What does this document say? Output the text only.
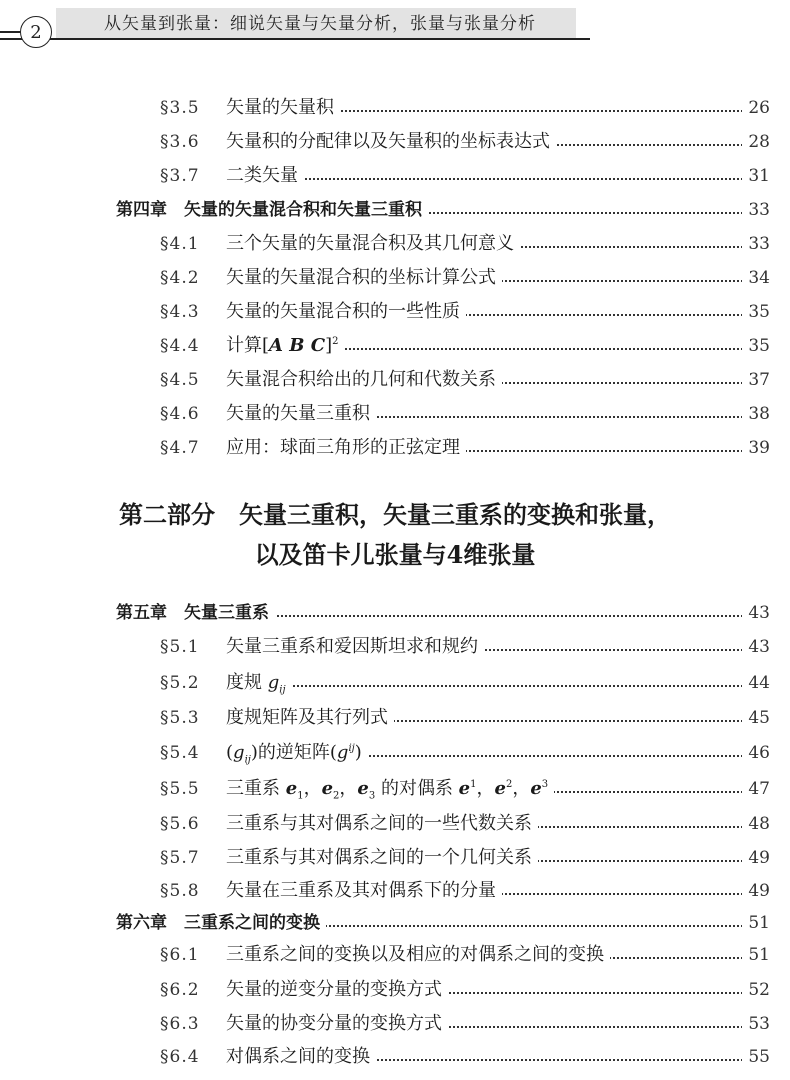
2	从矢量到张量：细说矢量与矢量分析，张量与张量分析
§3.5 矢量的矢量积	26
§3.6 矢量积的分配律以及矢量积的坐标表达式	28
§3.7 二类矢量	31
第四章　矢量的矢量混合积和矢量三重积	33
§4.1 三个矢量的矢量混合积及其几何意义	33
§4.2 矢量的矢量混合积的坐标计算公式	34
§4.3 矢量的矢量混合积的一些性质	35
§4.4 计算[A B C]$^2$	35
§4.5 矢量混合积给出的几何和代数关系	37
§4.6 矢量的矢量三重积	38
§4.7 应用：球面三角形的正弦定理	39
第二部分　矢量三重积，矢量三重系的变换和张量，
以及笛卡儿张量与4维张量
第五章　矢量三重系	43
§5.1 矢量三重系和爱因斯坦求和规约	43
§5.2 度规 $g_{ij}$	44
§5.3 度规矩阵及其行列式	45
§5.4 $(g_{ij})$的逆矩阵$(g^{ij})$	46
§5.5 三重系 $e_1$，$e_2$，$e_3$ 的对偶系 $e^1$，$e^2$，$e^3$	47
§5.6 三重系与其对偶系之间的一些代数关系	48
§5.7 三重系与其对偶系之间的一个几何关系	49
§5.8 矢量在三重系及其对偶系下的分量	49
第六章　三重系之间的变换	51
§6.1 三重系之间的变换以及相应的对偶系之间的变换	51
§6.2 矢量的逆变分量的变换方式	52
§6.3 矢量的协变分量的变换方式	53
§6.4 对偶系之间的变换	55
